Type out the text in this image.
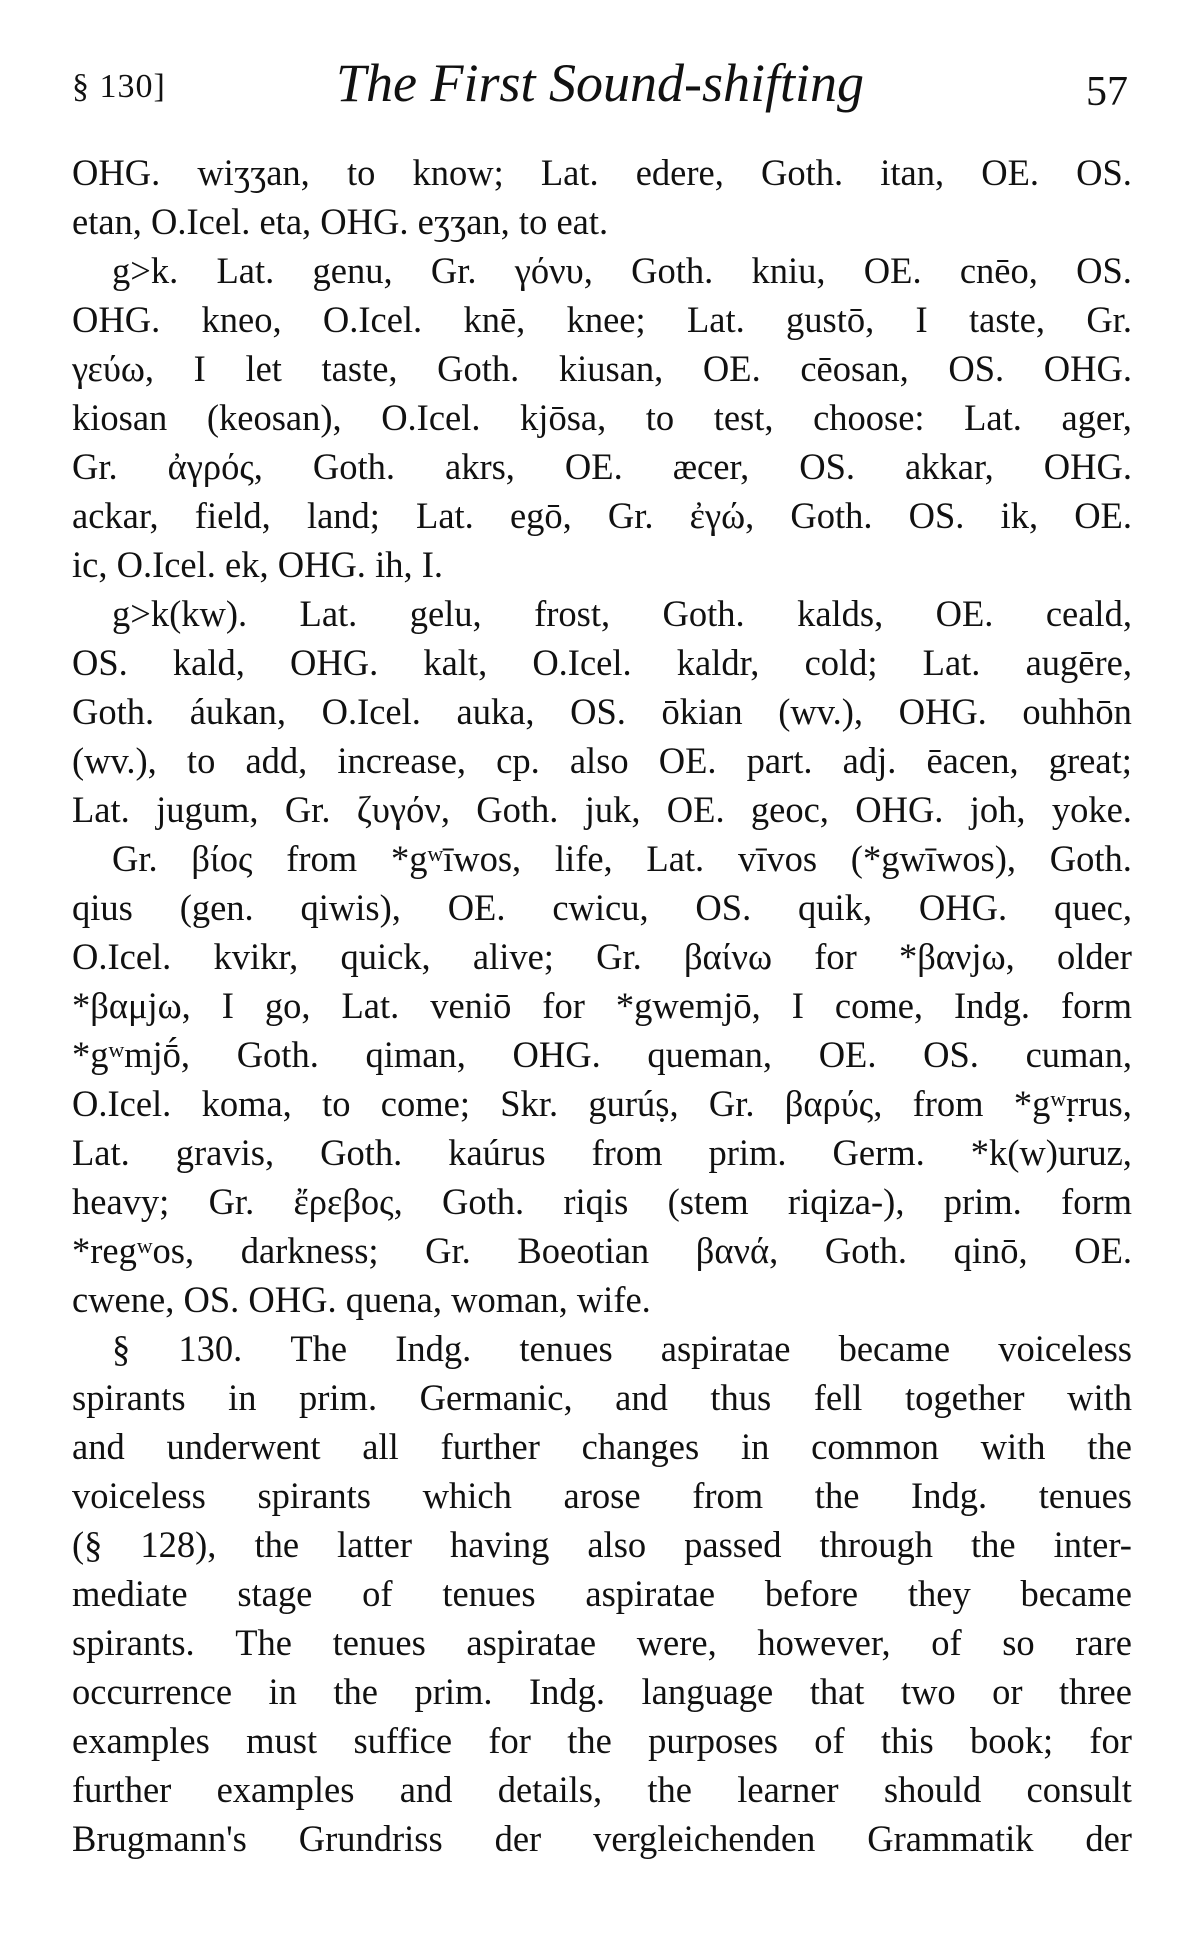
§ 130]	The First Sound-shifting	57
OHG. wiʒʒan, to know; Lat. edere, Goth. itan, OE. OS.
etan, O.Icel. eta, OHG. eʒʒan, to eat.
g>k. Lat. genu, Gr. γόνυ, Goth. kniu, OE. cnēo, OS.
OHG. kneo, O.Icel. knē, knee; Lat. gustō, I taste, Gr.
γεύω, I let taste, Goth. kiusan, OE. cēosan, OS. OHG.
kiosan (keosan), O.Icel. kjōsa, to test, choose: Lat. ager,
Gr. ἀγρός, Goth. akrs, OE. æcer, OS. akkar, OHG.
ackar, field, land; Lat. egō, Gr. ἐγώ, Goth. OS. ik, OE.
ic, O.Icel. ek, OHG. ih, I.
g>k(kw). Lat. gelu, frost, Goth. kalds, OE. ceald,
OS. kald, OHG. kalt, O.Icel. kaldr, cold; Lat. augēre,
Goth. áukan, O.Icel. auka, OS. ōkian (wv.), OHG. ouhhōn
(wv.), to add, increase, cp. also OE. part. adj. ēacen, great;
Lat. jugum, Gr. ζυγόν, Goth. juk, OE. geoc, OHG. joh, yoke.
Gr. βίος from *gʷīwos, life, Lat. vīvos (*gwīwos), Goth.
qius (gen. qiwis), OE. cwicu, OS. quik, OHG. quec,
O.Icel. kvikr, quick, alive; Gr. βαίνω for *βανjω, older
*βαμjω, I go, Lat. veniō for *gwemjō, I come, Indg. form
*gʷmjṓ, Goth. qiman, OHG. queman, OE. OS. cuman,
O.Icel. koma, to come; Skr. gurúṣ, Gr. βαρύς, from *gʷṛrus,
Lat. gravis, Goth. kaúrus from prim. Germ. *k(w)uruz,
heavy; Gr. ἔρεβος, Goth. riqis (stem riqiza-), prim. form
*regʷos, darkness; Gr. Boeotian βανά, Goth. qinō, OE.
cwene, OS. OHG. quena, woman, wife.
§ 130. The Indg. tenues aspiratae became voiceless
spirants in prim. Germanic, and thus fell together with
and underwent all further changes in common with the
voiceless spirants which arose from the Indg. tenues
(§ 128), the latter having also passed through the inter-
mediate stage of tenues aspiratae before they became
spirants. The tenues aspiratae were, however, of so rare
occurrence in the prim. Indg. language that two or three
examples must suffice for the purposes of this book; for
further examples and details, the learner should consult
Brugmann's Grundriss der vergleichenden Grammatik der
